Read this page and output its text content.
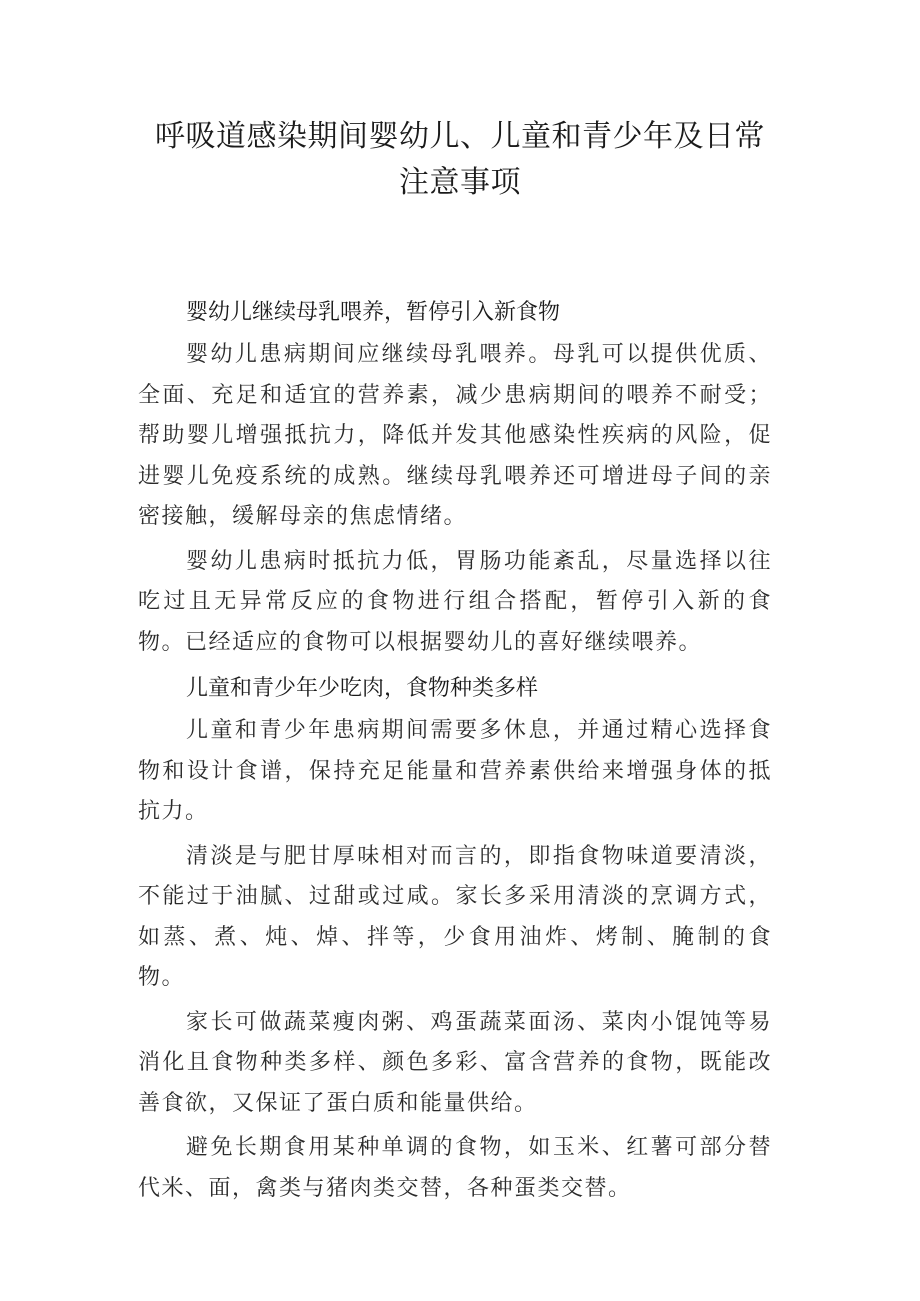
呼吸道感染期间婴幼儿、儿童和青少年及日常注意事项
婴幼儿继续母乳喂养，暂停引入新食物

婴幼儿患病期间应继续母乳喂养。母乳可以提供优质、全面、充足和适宜的营养素，减少患病期间的喂养不耐受；帮助婴儿增强抵抗力，降低并发其他感染性疾病的风险，促进婴儿免疫系统的成熟。继续母乳喂养还可增进母子间的亲密接触，缓解母亲的焦虑情绪。

婴幼儿患病时抵抗力低，胃肠功能紊乱，尽量选择以往吃过且无异常反应的食物进行组合搭配，暂停引入新的食物。已经适应的食物可以根据婴幼儿的喜好继续喂养。

儿童和青少年少吃肉，食物种类多样

儿童和青少年患病期间需要多休息，并通过精心选择食物和设计食谱，保持充足能量和营养素供给来增强身体的抵抗力。

清淡是与肥甘厚味相对而言的，即指食物味道要清淡，不能过于油腻、过甜或过咸。家长多采用清淡的烹调方式，如蒸、煮、炖、焯、拌等，少食用油炸、烤制、腌制的食物。

家长可做蔬菜瘦肉粥、鸡蛋蔬菜面汤、菜肉小馄饨等易消化且食物种类多样、颜色多彩、富含营养的食物，既能改善食欲，又保证了蛋白质和能量供给。

避免长期食用某种单调的食物，如玉米、红薯可部分替代米、面，禽类与猪肉类交替，各种蛋类交替。
